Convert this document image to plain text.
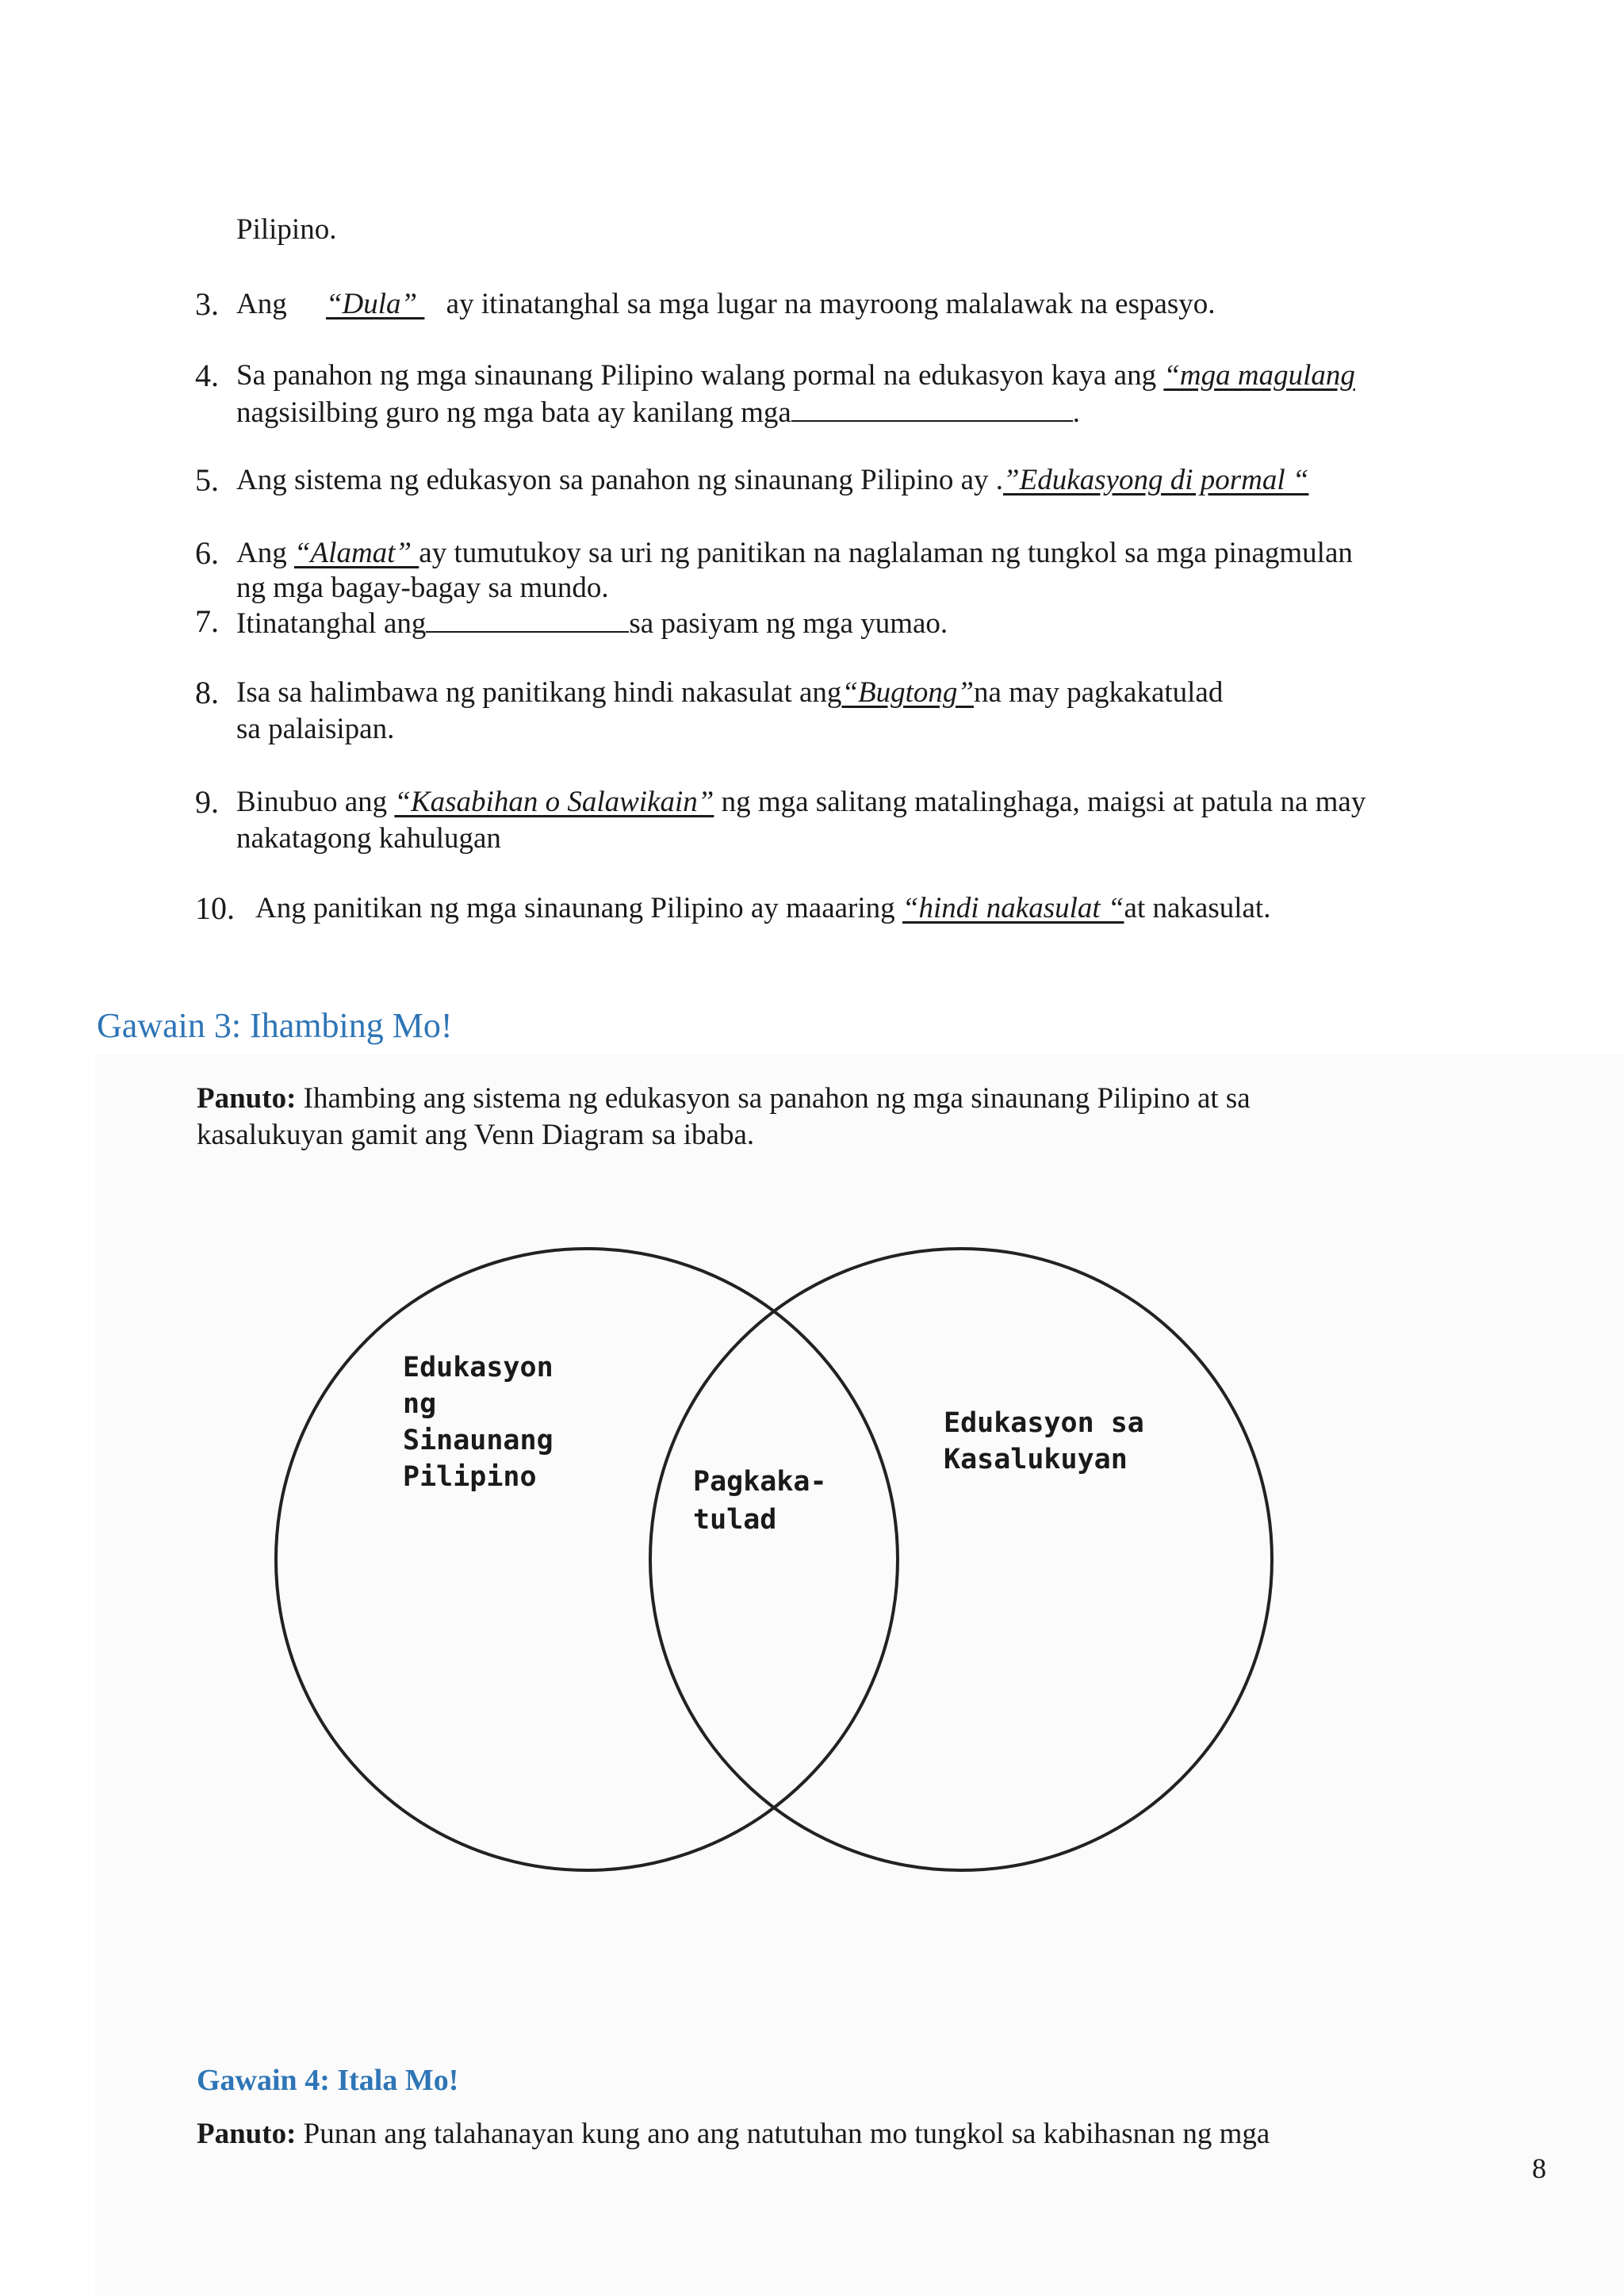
Pilipino.
3. Ang “Dula”  ay itinatanghal sa mga lugar na mayroong malalawak na espasyo.
4. Sa panahon ng mga sinaunang Pilipino walang pormal na edukasyon kaya ang “mga magulang
nagsisilbing guro ng mga bata ay kanilang mga	.
5. Ang sistema ng edukasyon sa panahon ng sinaunang Pilipino ay .”Edukasyong di pormal “
6. Ang “Alamat” ay tumutukoy sa uri ng panitikan na naglalaman ng tungkol sa mga pinagmulan
ng mga bagay-bagay sa mundo.
7. Itinatanghal ang	sa pasiyam ng mga yumao.
8. Isa sa halimbawa ng panitikang hindi nakasulat ang“Bugtong”na may pagkakatulad
sa palaisipan.
9. Binubuo ang “Kasabihan o Salawikain” ng mga salitang matalinghaga, maigsi at patula na may
nakatagong kahulugan
10. Ang panitikan ng mga sinaunang Pilipino ay maaaring “hindi nakasulat “at nakasulat.
Gawain 3: Ihambing Mo!
Panuto: Ihambing ang sistema ng edukasyon sa panahon ng mga sinaunang Pilipino at sa
kasalukuyan gamit ang Venn Diagram sa ibaba.
Edukasyon
ng
Sinaunang
Pilipino	Pagkaka-
tulad
Edukasyon sa
Kasalukuyan
Gawain 4: Itala Mo!
Panuto: Punan ang talahanayan kung ano ang natutuhan mo tungkol sa kabihasnan ng mga
8
